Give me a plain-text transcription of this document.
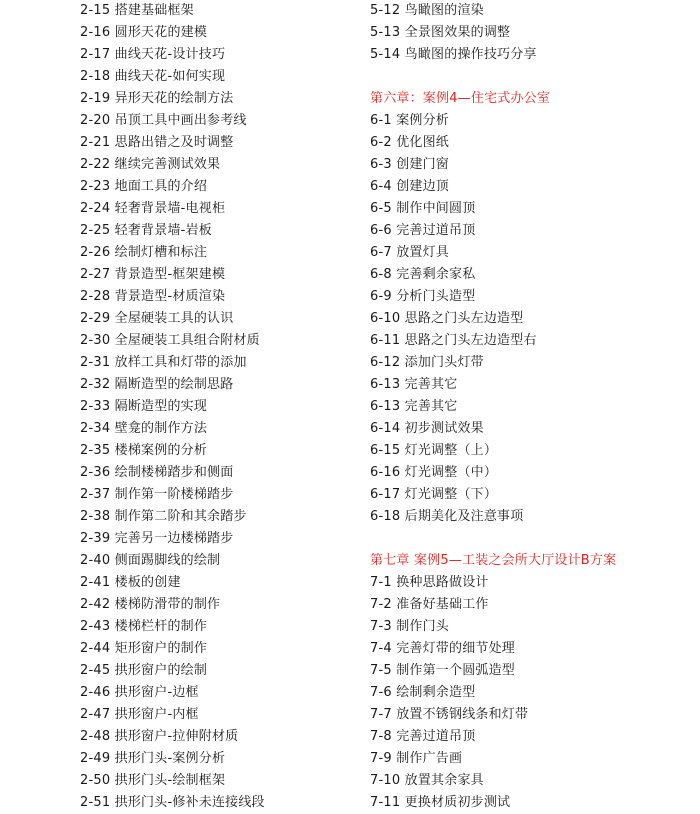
2-15 搭建基础框架
2-16 圆形天花的建模
2-17 曲线天花-设计技巧
2-18 曲线天花-如何实现
2-19 异形天花的绘制方法
2-20 吊顶工具中画出参考线
2-21 思路出错之及时调整
2-22 继续完善测试效果
2-23 地面工具的介绍
2-24 轻奢背景墙-电视柜
2-25 轻奢背景墙-岩板
2-26 绘制灯槽和标注
2-27 背景造型-框架建模
2-28 背景造型-材质渲染
2-29 全屋硬装工具的认识
2-30 全屋硬装工具组合附材质
2-31 放样工具和灯带的添加
2-32 隔断造型的绘制思路
2-33 隔断造型的实现
2-34 壁龛的制作方法
2-35 楼梯案例的分析
2-36 绘制楼梯踏步和侧面
2-37 制作第一阶楼梯踏步
2-38 制作第二阶和其余踏步
2-39 完善另一边楼梯踏步
2-40 侧面踢脚线的绘制
2-41 楼板的创建
2-42 楼梯防滑带的制作
2-43 楼梯栏杆的制作
2-44 矩形窗户的制作
2-45 拱形窗户的绘制
2-46 拱形窗户-边框
2-47 拱形窗户-内框
2-48 拱形窗户-拉伸附材质
2-49 拱形门头-案例分析
2-50 拱形门头-绘制框架
2-51 拱形门头-修补未连接线段
5-12 鸟瞰图的渲染
5-13 全景图效果的调整
5-14 鸟瞰图的操作技巧分享
第六章：案例4—住宅式办公室
6-1 案例分析
6-2 优化图纸
6-3 创建门窗
6-4 创建边顶
6-5 制作中间圆顶
6-6 完善过道吊顶
6-7 放置灯具
6-8 完善剩余家私
6-9 分析门头造型
6-10 思路之门头左边造型
6-11 思路之门头左边造型右
6-12 添加门头灯带
6-13 完善其它
6-13 完善其它
6-14 初步测试效果
6-15 灯光调整（上）
6-16 灯光调整（中）
6-17 灯光调整（下）
6-18 后期美化及注意事项
第七章 案例5—工装之会所大厅设计B方案
7-1 换种思路做设计
7-2 准备好基础工作
7-3 制作门头
7-4 完善灯带的细节处理
7-5 制作第一个圆弧造型
7-6 绘制剩余造型
7-7 放置不锈钢线条和灯带
7-8 完善过道吊顶
7-9 制作广告画
7-10 放置其余家具
7-11 更换材质初步测试
